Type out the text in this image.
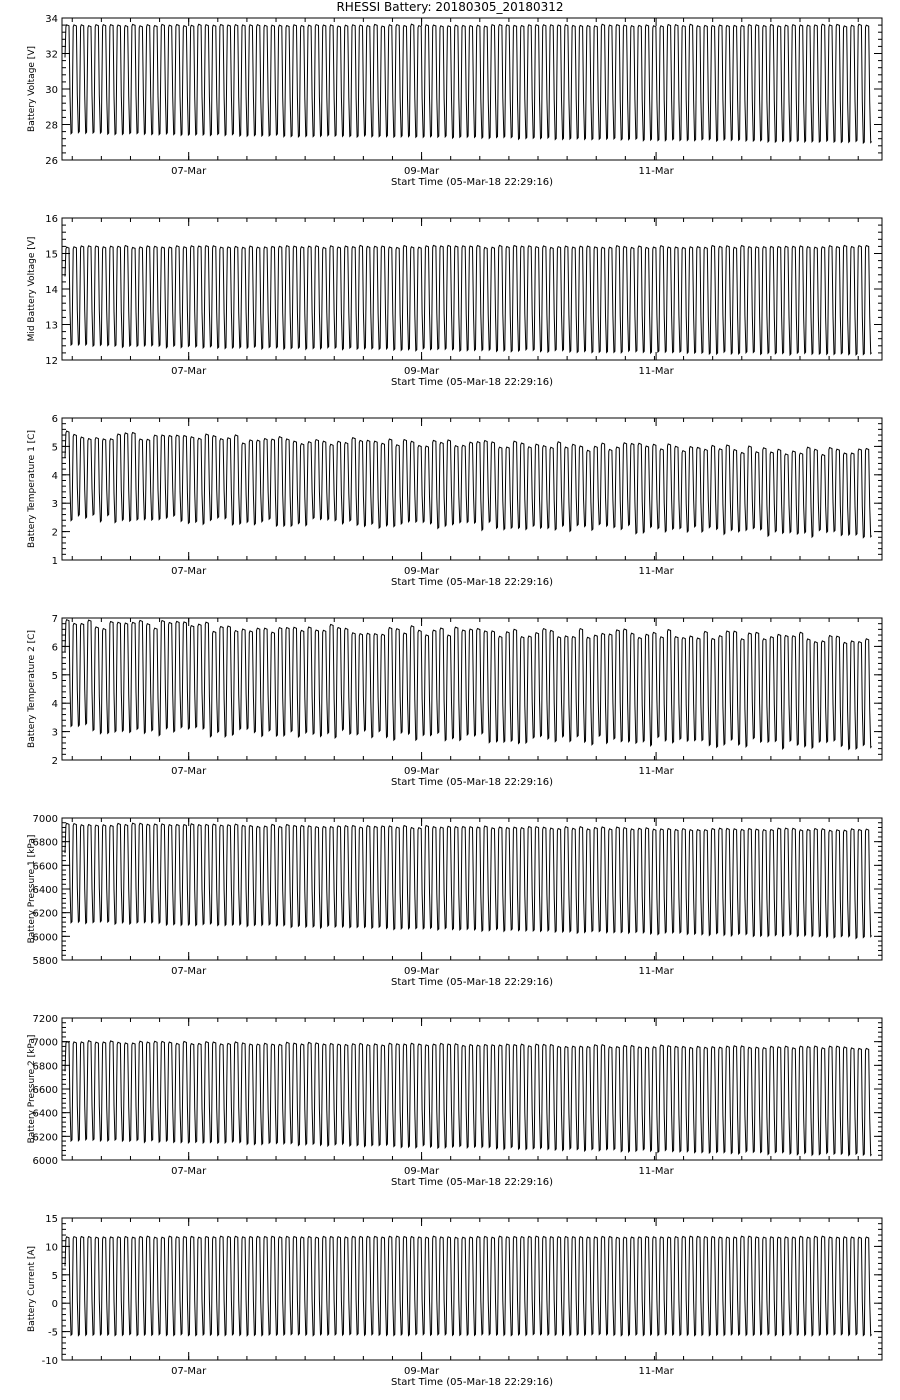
RHESSI Battery: 20180305_20180312
26
28
30
32
34
Battery Voltage [V]
07-Mar	09-Mar	11-Mar
Start Time (05-Mar-18 22:29:16)
12
13
14
15
16
Mid Battery Voltage [V]
07-Mar	09-Mar	11-Mar
Start Time (05-Mar-18 22:29:16)
1
2
3
4
5
6
Battery Temperature 1 [C]
07-Mar	09-Mar	11-Mar
Start Time (05-Mar-18 22:29:16)
2
3
4
5
6
7
Battery Temperature 2 [C]
07-Mar	09-Mar	11-Mar
Start Time (05-Mar-18 22:29:16)
5800
6000
6200
6400
6600
6800
7000
Battery Pressure 1 [kPa]
07-Mar	09-Mar	11-Mar
Start Time (05-Mar-18 22:29:16)
6000
6200
6400
6600
6800
7000
7200
Battery Pressure 2 [kPa]
07-Mar	09-Mar	11-Mar
Start Time (05-Mar-18 22:29:16)
-10
-5
0
5
10
15
Battery Current [A]
07-Mar	09-Mar	11-Mar
Start Time (05-Mar-18 22:29:16)
